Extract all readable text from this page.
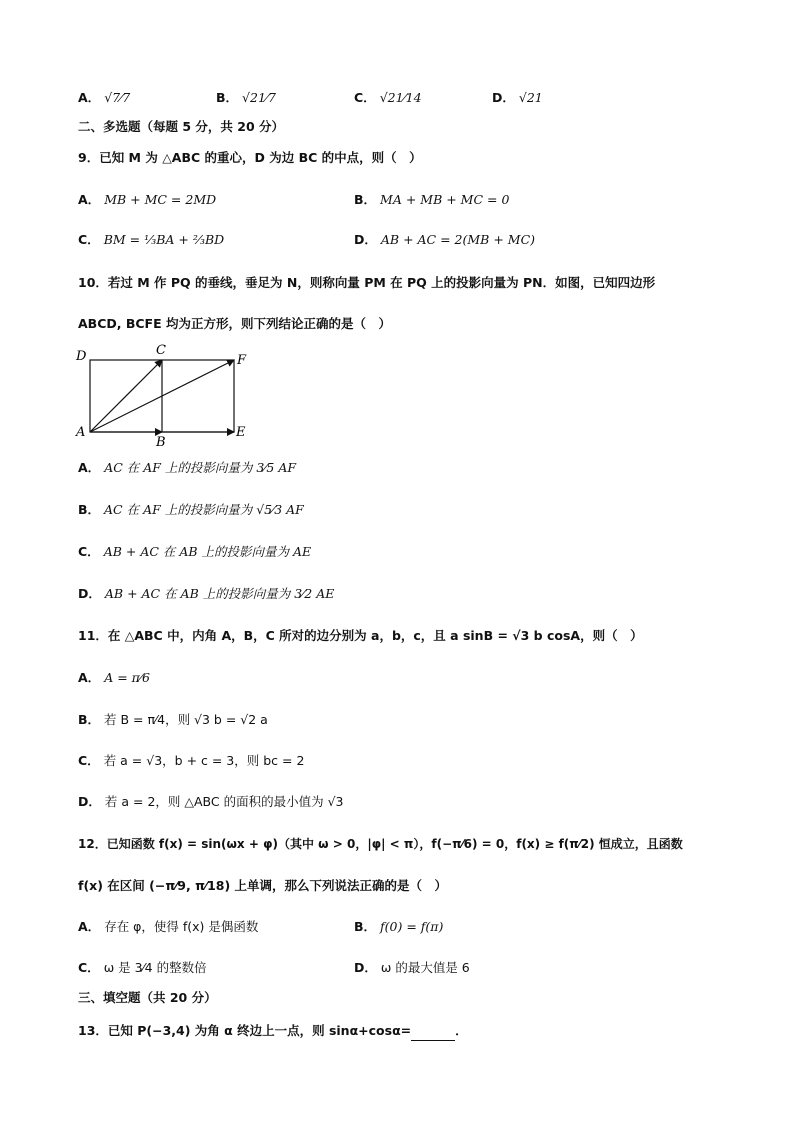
A． √7⁄7	B． √21⁄7	C． √21⁄14	D． √21
二、多选题（每题 5 分，共 20 分）
9．已知 M 为 △ABC 的重心，D 为边 BC 的中点，则（　）
A． MB + MC = 2MD	B． MA + MB + MC = 0
C． BM = ⅓BA + ⅔BD	D． AB + AC = 2(MB + MC)
10．若过 M 作 PQ 的垂线，垂足为 N，则称向量 PM 在 PQ 上的投影向量为 PN．如图，已知四边形
ABCD, BCFE 均为正方形，则下列结论正确的是（　）
D	C
F
A
B
E
A． AC 在 AF 上的投影向量为 3⁄5 AF
B． AC 在 AF 上的投影向量为 √5⁄3 AF
C． AB + AC 在 AB 上的投影向量为 AE
D． AB + AC 在 AB 上的投影向量为 3⁄2 AE
11．在 △ABC 中，内角 A，B，C 所对的边分别为 a，b，c，且 a sinB = √3 b cosA，则（　）
A． A = π⁄6
B． 若 B = π⁄4，则 √3 b = √2 a
C． 若 a = √3，b + c = 3，则 bc = 2
D． 若 a = 2，则 △ABC 的面积的最小值为 √3
12．已知函数 f(x) = sin(ωx + φ)（其中 ω > 0，|φ| < π），f(−π⁄6) = 0，f(x) ≥ f(π⁄2) 恒成立，且函数
f(x) 在区间 (−π⁄9, π⁄18) 上单调，那么下列说法正确的是（　）
A． 存在 φ，使得 f(x) 是偶函数	B． f(0) = f(π)
C． ω 是 3⁄4 的整数倍	D． ω 的最大值是 6
三、填空题（共 20 分）
13．已知 P(−3,4) 为角 α 终边上一点，则 sinα+cosα=	．
